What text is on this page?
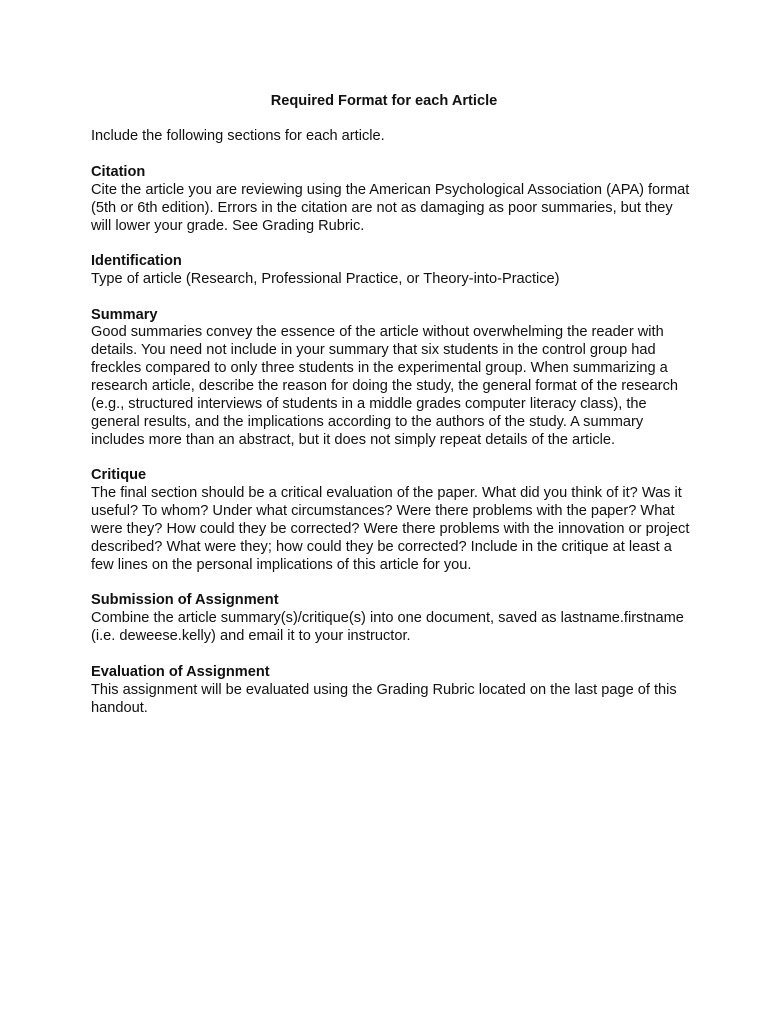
Required Format for each Article

Include the following sections for each article.

Citation

Cite the article you are reviewing using the American Psychological Association (APA) format (5th or 6th edition). Errors in the citation are not as damaging as poor summaries, but they will lower your grade. See Grading Rubric.

Identification

Type of article (Research, Professional Practice, or Theory-into-Practice)

Summary

Good summaries convey the essence of the article without overwhelming the reader with details. You need not include in your summary that six students in the control group had freckles compared to only three students in the experimental group. When summarizing a research article, describe the reason for doing the study, the general format of the research (e.g., structured interviews of students in a middle grades computer literacy class), the general results, and the implications according to the authors of the study. A summary includes more than an abstract, but it does not simply repeat details of the article.

Critique

The final section should be a critical evaluation of the paper. What did you think of it? Was it useful? To whom? Under what circumstances? Were there problems with the paper? What were they? How could they be corrected? Were there problems with the innovation or project described? What were they; how could they be corrected? Include in the critique at least a few lines on the personal implications of this article for you.

Submission of Assignment

Combine the article summary(s)/critique(s) into one document, saved as lastname.firstname (i.e. deweese.kelly) and email it to your instructor.

Evaluation of Assignment

This assignment will be evaluated using the Grading Rubric located on the last page of this handout.
